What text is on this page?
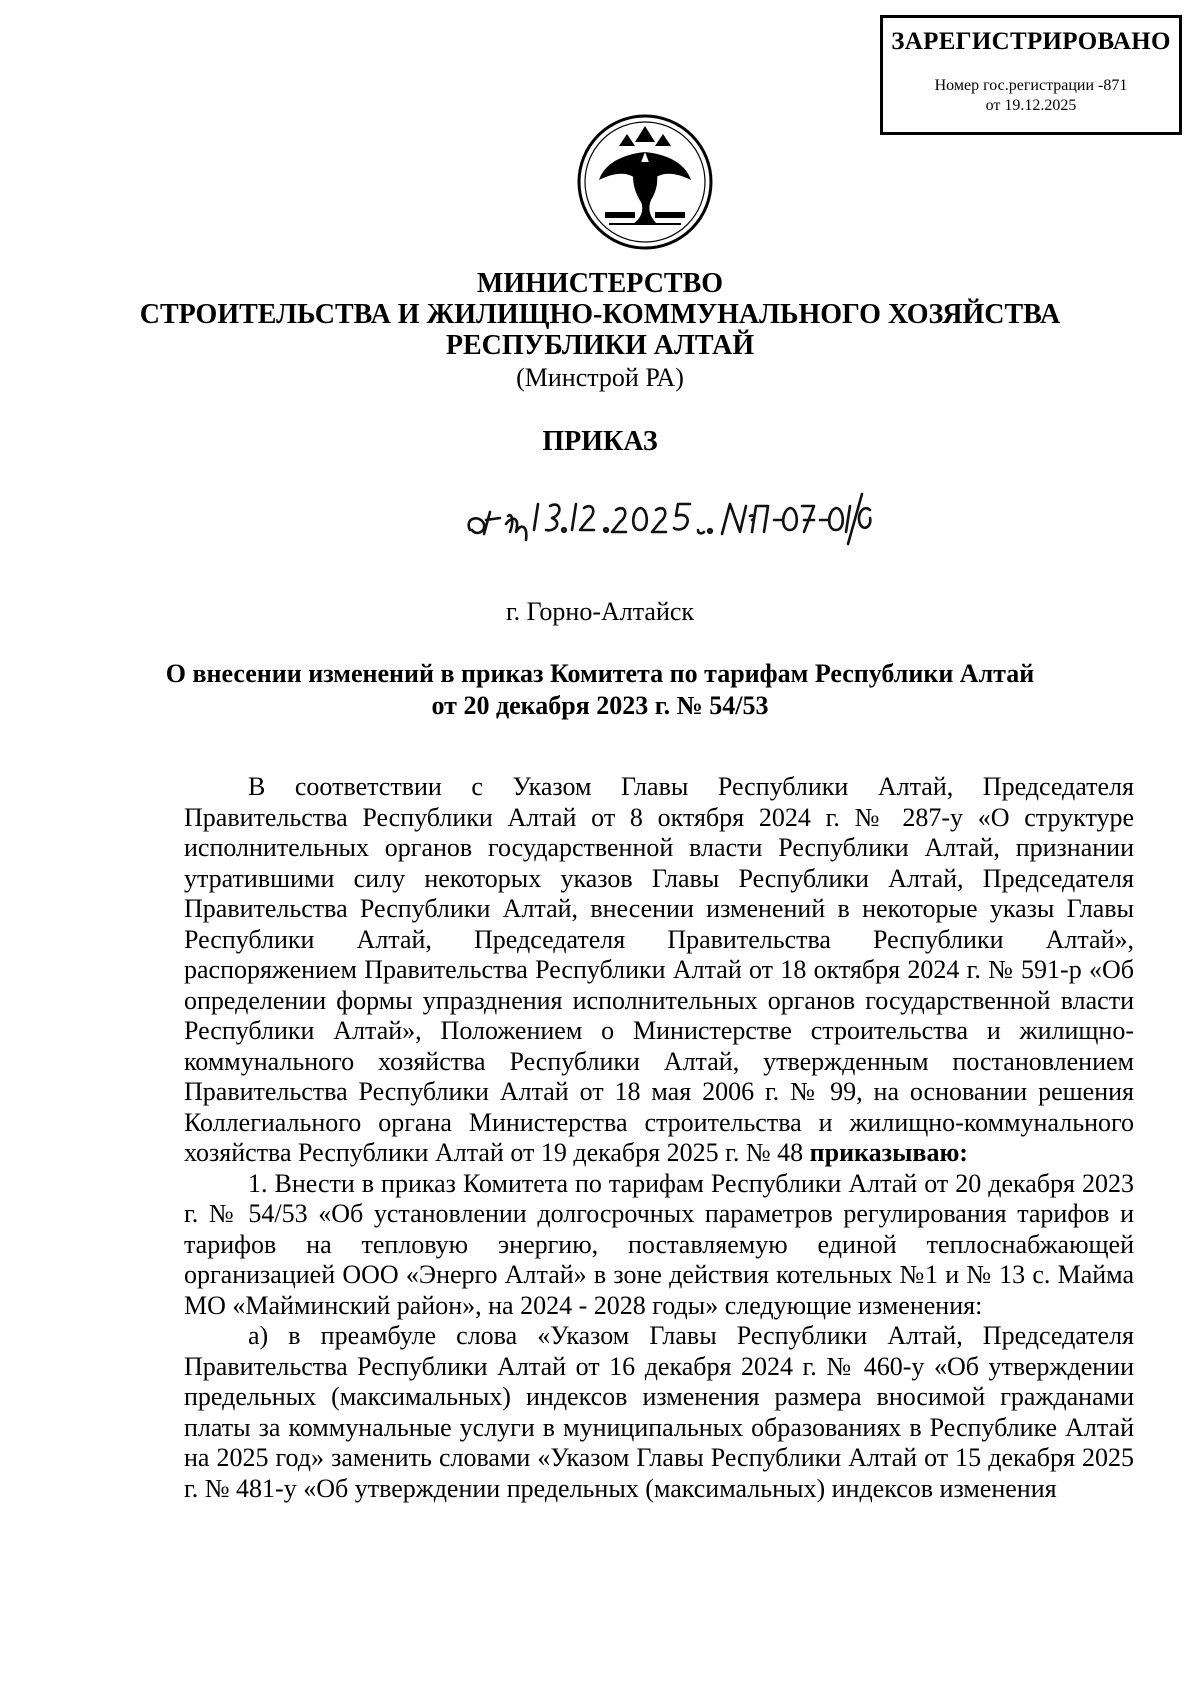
ЗАРЕГИСТРИРОВАНО
Номер гос.регистрации -871
от 19.12.2025
МИНИСТЕРСТВО
СТРОИТЕЛЬСТВА И ЖИЛИЩНО-КОММУНАЛЬНОГО ХОЗЯЙСТВА
РЕСПУБЛИКИ АЛТАЙ
(Минстрой РА)
ПРИКАЗ
г. Горно-Алтайск
О внесении изменений в приказ Комитета по тарифам Республики Алтай
от 20 декабря 2023 г. № 54/53

В соответствии с Указом Главы Республики Алтай, Председателя Правительства Республики Алтай от 8 октября 2024 г. № 287-у «О структуре исполнительных органов государственной власти Республики Алтай, признании утратившими силу некоторых указов Главы Республики Алтай, Председателя Правительства Республики Алтай, внесении изменений в некоторые указы Главы Республики Алтай, Председателя Правительства Республики Алтай», распоряжением Правительства Республики Алтай от 18 октября 2024 г. № 591-р «Об определении формы упразднения исполнительных органов государственной власти Республики Алтай», Положением о Министерстве строительства и жилищно-коммунального хозяйства Республики Алтай, утвержденным постановлением Правительства Республики Алтай от 18 мая 2006 г. № 99, на основании решения Коллегиального органа Министерства строительства и жилищно-коммунального хозяйства Республики Алтай от 19 декабря 2025 г. № 48 приказываю:

1. Внести в приказ Комитета по тарифам Республики Алтай от 20 декабря 2023 г. № 54/53 «Об установлении долгосрочных параметров регулирования тарифов и тарифов на тепловую энергию, поставляемую единой теплоснабжающей организацией ООО «Энерго Алтай» в зоне действия котельных №1 и № 13 с. Майма МО «Майминский район», на 2024 - 2028 годы» следующие изменения:

а) в преамбуле слова «Указом Главы Республики Алтай, Председателя Правительства Республики Алтай от 16 декабря 2024 г. № 460-у «Об утверждении предельных (максимальных) индексов изменения размера вносимой гражданами платы за коммунальные услуги в муниципальных образованиях в Республике Алтай на 2025 год» заменить словами «Указом Главы Республики Алтай от 15 декабря 2025 г. № 481-у «Об утверждении предельных (максимальных) индексов изменения
